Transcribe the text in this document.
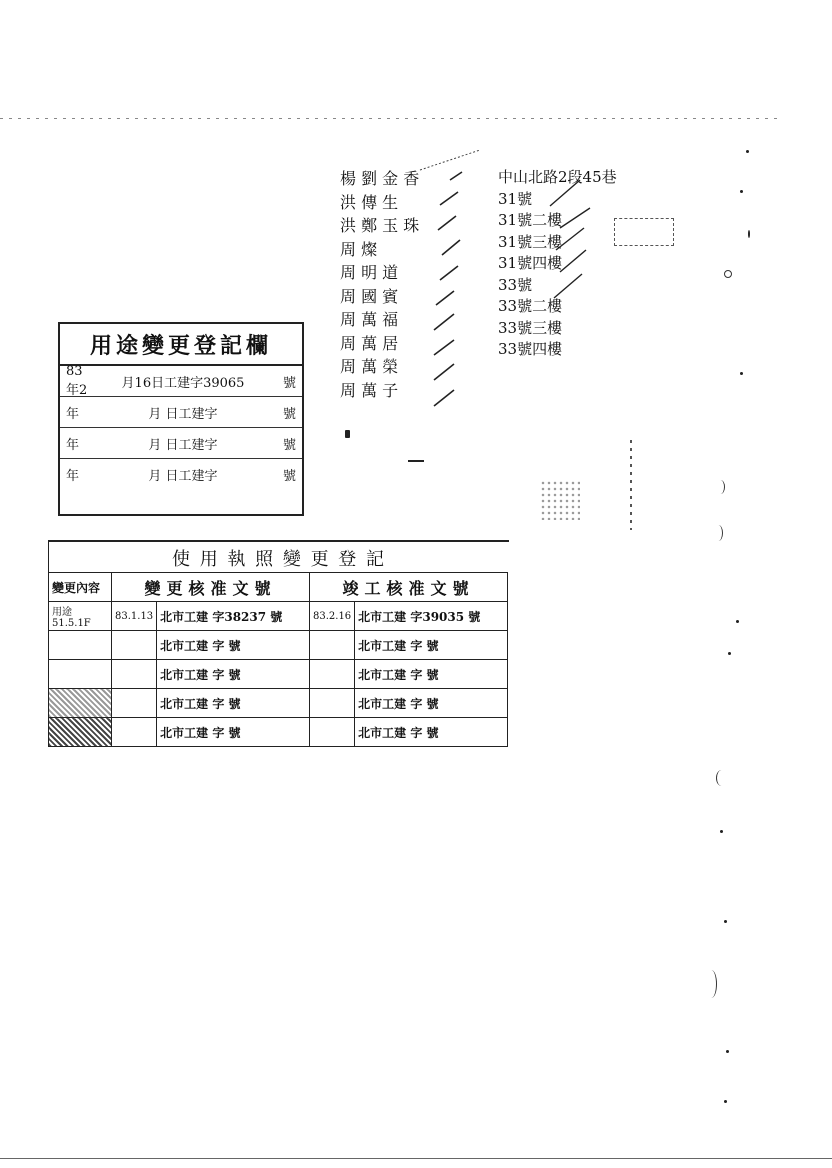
楊 劉 金 香
洪 傳 生
洪 鄭 玉 珠
周 燦
周 明 道
周 國 賓
周 萬 福
周 萬 居
周 萬 榮
周 萬 子
中山北路2段45巷
31號
31號二樓
31號三樓
31號四樓
33號
33號二樓
33號三樓
33號四樓
用途變更登記欄
83年2	月16日工建字39065	號
年	月 日工建字	號
年	月 日工建字	號
年	月 日工建字	號
使 用 執 照 變 更 登 記
變更內容	變更核准文號		竣工核准文號	
用途 51.5.1F	83.1.13	北市工建 字38237 號	83.2.16	北市工建 字39035 號
		北市工建 字 號		北市工建 字 號
		北市工建 字 號		北市工建 字 號
		北市工建 字 號		北市工建 字 號
		北市工建 字 號		北市工建 字 號
